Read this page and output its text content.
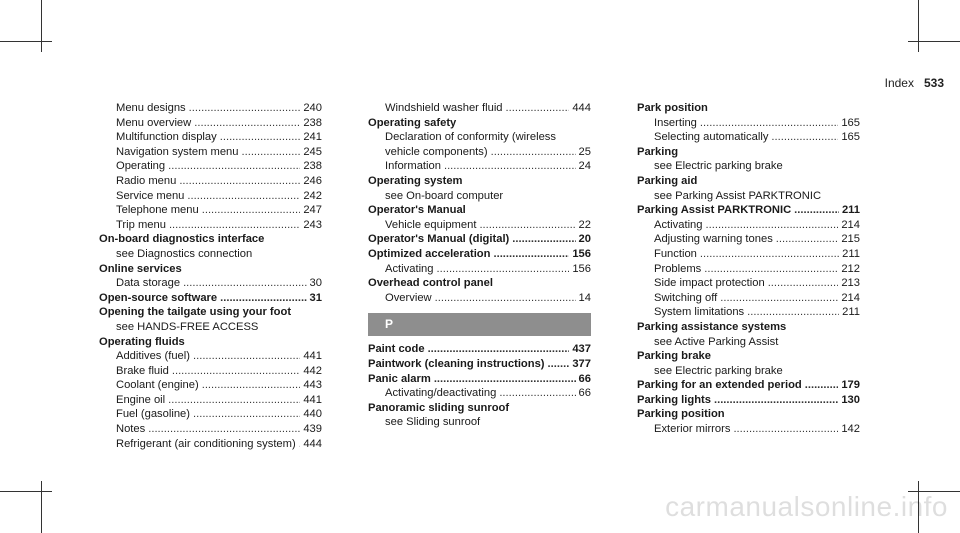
Index 533
Menu designs .....	240
Menu overview .....	238
Multifunction display .....	241
Navigation system menu .....	245
Operating .....	238
Radio menu .....	246
Service menu .....	242
Telephone menu .....	247
Trip menu .....	243
On-board diagnostics interface
see Diagnostics connection
Online services
Data storage .....	30
Open-source software .....	31
Opening the tailgate using your foot
see HANDS-FREE ACCESS
Operating fluids
Additives (fuel) .....	441
Brake fluid .....	442
Coolant (engine) .....	443
Engine oil .....	441
Fuel (gasoline) .....	440
Notes .....	439
Refrigerant (air conditioning system) ..... 444
Windshield washer fluid .....	444
Operating safety
Declaration of conformity (wireless
vehicle components) .....	25
Information .....	24
Operating system
see On-board computer
Operator's Manual
Vehicle equipment .....	22
Operator's Manual (digital) .....	20
Optimized acceleration .....	156
Activating .....	156
Overhead control panel
Overview .....	14
P
Paint code .....	437
Paintwork (cleaning instructions) ..... 377
Panic alarm .....	66
Activating/deactivating .....	66
Panoramic sliding sunroof
see Sliding sunroof
Park position
Inserting .....	165
Selecting automatically .....	165
Parking
see Electric parking brake
Parking aid
see Parking Assist PARKTRONIC
Parking Assist PARKTRONIC .....	211
Activating .....	214
Adjusting warning tones .....	215
Function .....	211
Problems .....	212
Side impact protection .....	213
Switching off .....	214
System limitations .....	211
Parking assistance systems
see Active Parking Assist
Parking brake
see Electric parking brake
Parking for an extended period .....	179
Parking lights .....	130
Parking position
Exterior mirrors .....	142
carmanualsonline.info
